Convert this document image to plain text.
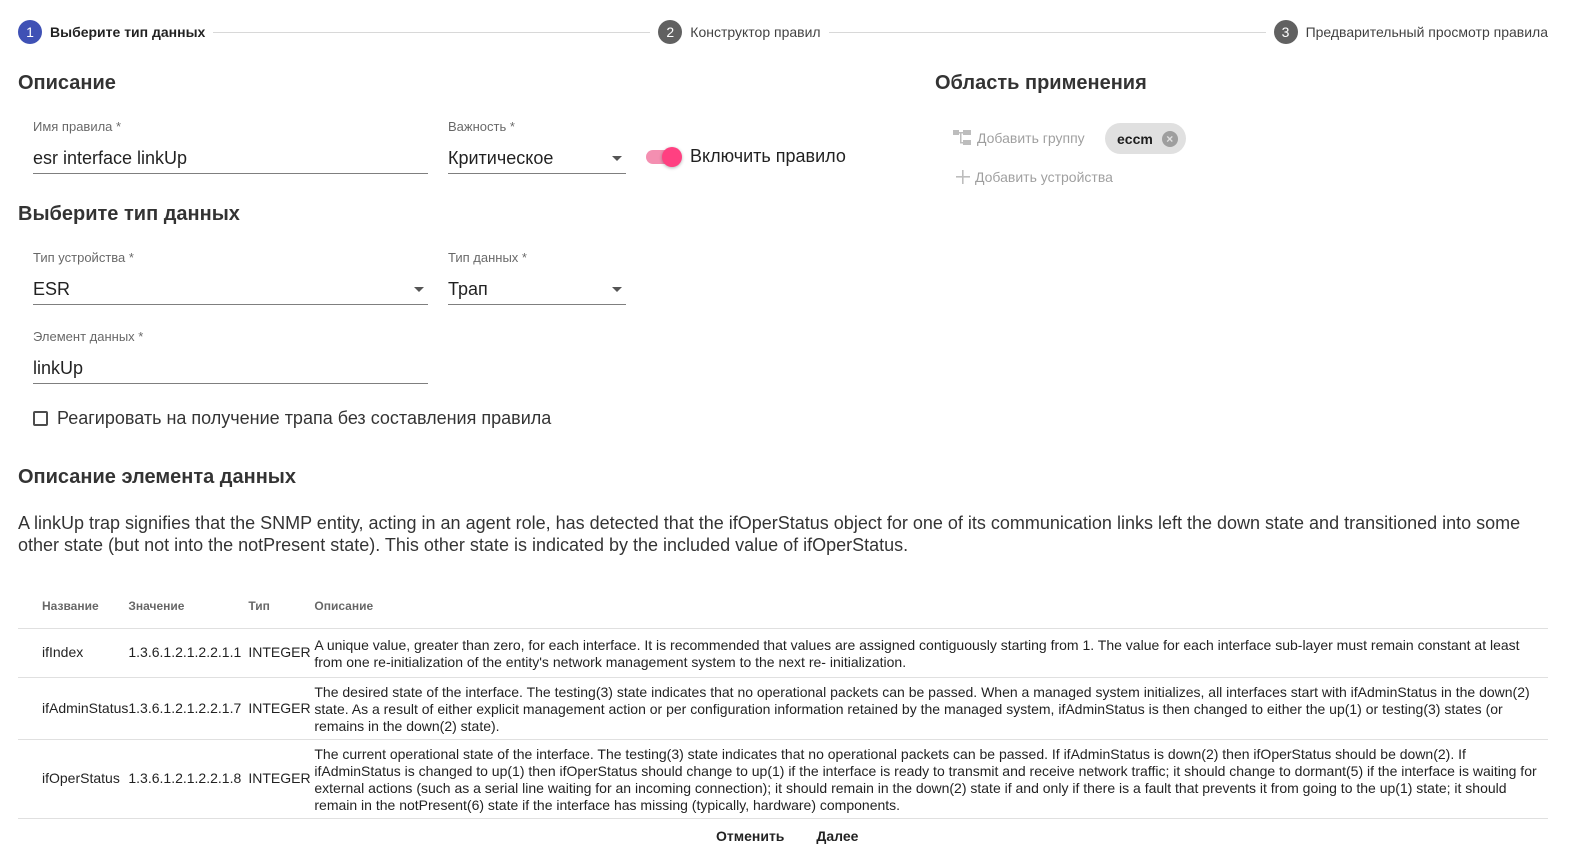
1	Выберите тип данных	2	Конструктор правил	3	Предварительный просмотр правила
Описание
Имя правила *
esr interface linkUp
Важность *
Критическое	Включить правило
Область применения
Добавить группу eccm	×
Добавить устройства
Выберите тип данных
Тип устройства *
ESR
Тип данных *
Трап
Элемент данных *
linkUp
Реагировать на получение трапа без составления правила
Описание элемента данных

A linkUp trap signifies that the SNMP entity, acting in an agent role, has detected that the ifOperStatus object for one of its communication links left the down state and transitioned into some other state (but not into the notPresent state). This other state is indicated by the included value of ifOperStatus.

Название	Значение	Тип	Описание
ifIndex	1.3.6.1.2.1.2.2.1.1	INTEGER	A unique value, greater than zero, for each interface. It is recommended that values are assigned contiguously starting from 1. The value for each interface sub-layer must remain constant at least from one re-initialization of the entity's network management system to the next re- initialization.
ifAdminStatus	1.3.6.1.2.1.2.2.1.7	INTEGER	The desired state of the interface. The testing(3) state indicates that no operational packets can be passed. When a managed system initializes, all interfaces start with ifAdminStatus in the down(2) state. As a result of either explicit management action or per configuration information retained by the managed system, ifAdminStatus is then changed to either the up(1) or testing(3) states (or remains in the down(2) state).
ifOperStatus	1.3.6.1.2.1.2.2.1.8	INTEGER	The current operational state of the interface. The testing(3) state indicates that no operational packets can be passed. If ifAdminStatus is down(2) then ifOperStatus should be down(2). If ifAdminStatus is changed to up(1) then ifOperStatus should change to up(1) if the interface is ready to transmit and receive network traffic; it should change to dormant(5) if the interface is waiting for external actions (such as a serial line waiting for an incoming connection); it should remain in the down(2) state if and only if there is a fault that prevents it from going to the up(1) state; it should remain in the notPresent(6) state if the interface has missing (typically, hardware) components.
Отменить	Далее
